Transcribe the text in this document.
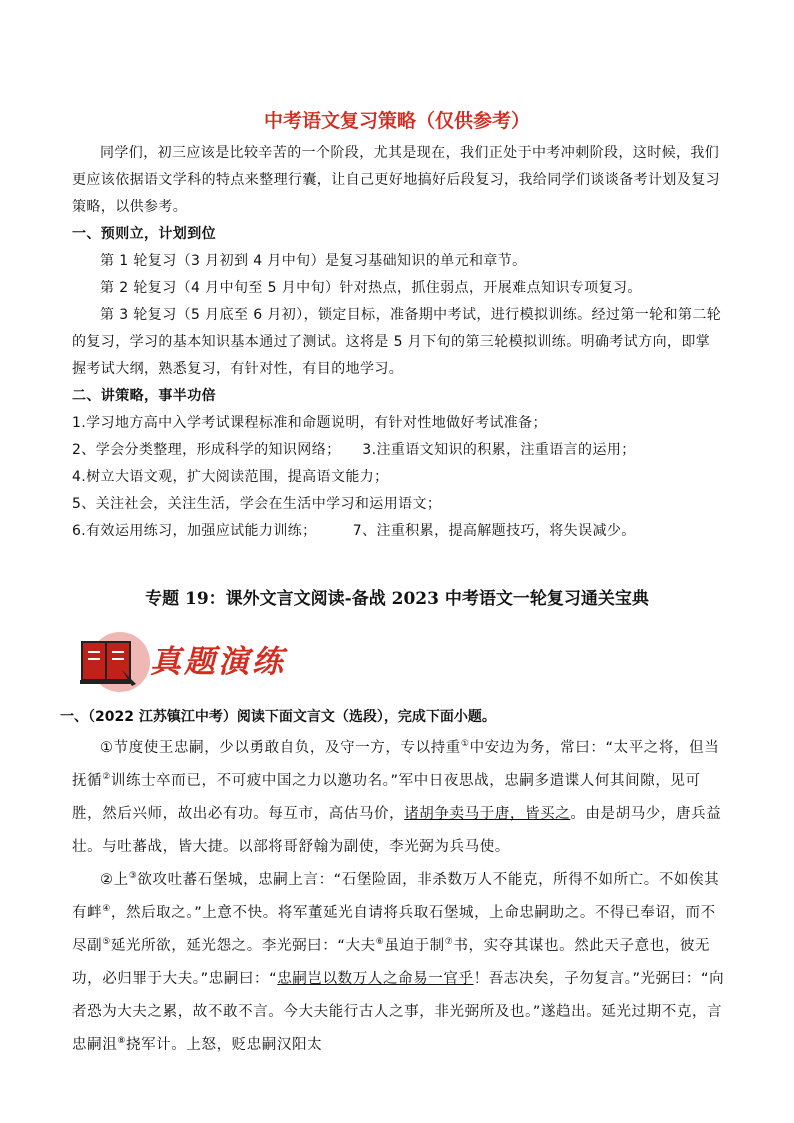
中考语文复习策略（仅供参考）
同学们，初三应该是比较辛苦的一个阶段，尤其是现在，我们正处于中考冲刺阶段，这时候，我们更应该依据语文学科的特点来整理行囊，让自己更好地搞好后段复习，我给同学们谈谈备考计划及复习策略，以供参考。
一、预则立，计划到位
第 1 轮复习（3 月初到 4 月中旬）是复习基础知识的单元和章节。
第 2 轮复习（4 月中旬至 5 月中旬）针对热点，抓住弱点，开展难点知识专项复习。
第 3 轮复习（5 月底至 6 月初），锁定目标，准备期中考试，进行模拟训练。经过第一轮和第二轮的复习，学习的基本知识基本通过了测试。这将是 5 月下旬的第三轮模拟训练。明确考试方向，即掌握考试大纲，熟悉复习，有针对性，有目的地学习。
二、讲策略，事半功倍
1.学习地方高中入学考试课程标准和命题说明，有针对性地做好考试准备；
2、学会分类整理，形成科学的知识网络；　　3.注重语文知识的积累，注重语言的运用；
4.树立大语文观，扩大阅读范围，提高语文能力；
5、关注社会，关注生活，学会在生活中学习和运用语文；
6.有效运用练习，加强应试能力训练；　　　7、注重积累，提高解题技巧，将失误减少。
专题 19：课外文言文阅读-备战 2023 中考语文一轮复习通关宝典
真题演练
一、（2022 江苏镇江中考）阅读下面文言文（选段），完成下面小题。
①节度使王忠嗣，少以勇敢自负，及守一方，专以持重①中安边为务，常曰：“太平之将，但当抚循②训练士卒而已，不可疲中国之力以邀功名。”军中日夜思战，忠嗣多遣谍人何其间隙，见可胜，然后兴师，故出必有功。每互市，高估马价，诸胡争卖马于唐，皆买之。由是胡马少，唐兵益壮。与吐蕃战，皆大捷。以部将哥舒翰为副使，李光弼为兵马使。
②上③欲攻吐蕃石堡城，忠嗣上言：“石堡险固，非杀数万人不能克，所得不如所亡。不如俟其有衅④，然后取之。”上意不快。将军董延光自请将兵取石堡城，上命忠嗣助之。不得已奉诏，而不尽副⑤延光所欲，延光怨之。李光弼曰：“大夫⑥虽迫于制⑦书，实夺其谋也。然此天子意也，彼无功，必归罪于大夫。”忠嗣曰：“忠嗣岂以数万人之命易一官乎！吾志决矣，子勿复言。”光弼曰：“向者恐为大夫之累，故不敢不言。今大夫能行古人之事，非光弼所及也。”遂趋出。延光过期不克，言忠嗣沮⑧挠军计。上怒，贬忠嗣汉阳太
